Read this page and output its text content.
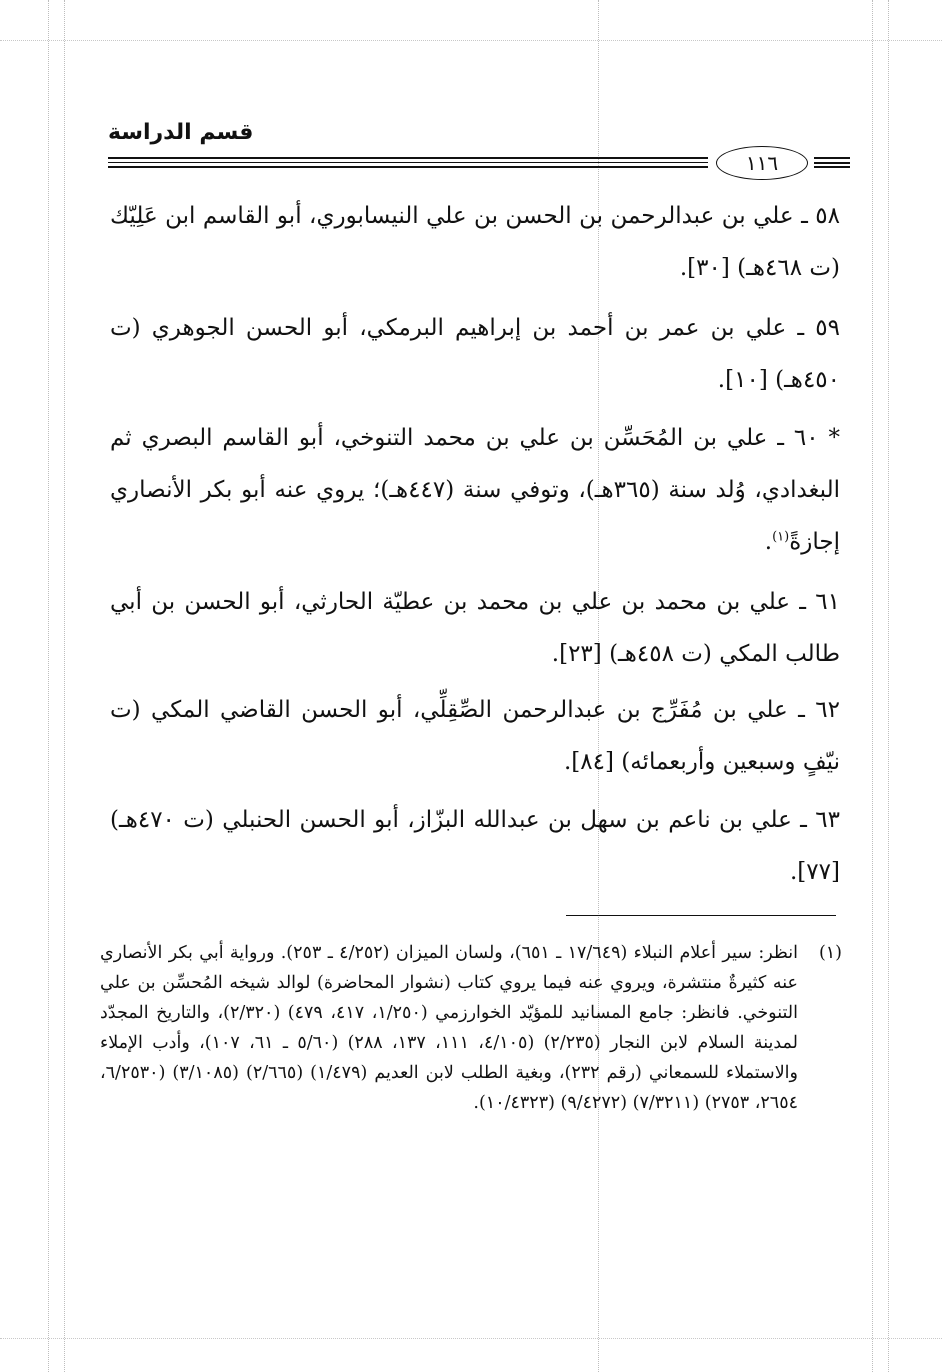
قسم الدراسة
١١٦

٥٨ ـ علي بن عبدالرحمن بن الحسن بن علي النيسابوري، أبو القاسم ابن عَلِيّك (ت ٤٦٨هـ) [٣٠].

٥٩ ـ علي بن عمر بن أحمد بن إبراهيم البرمكي، أبو الحسن الجوهري (ت ٤٥٠هـ) [١٠].

* ٦٠ ـ علي بن المُحَسِّن بن علي بن محمد التنوخي، أبو القاسم البصري ثم البغدادي، وُلد سنة (٣٦٥هـ)، وتوفي سنة (٤٤٧هـ)؛ يروي عنه أبو بكر الأنصاري إجازةً$^{(١)}$.

٦١ ـ علي بن محمد بن علي بن محمد بن عطيّة الحارثي، أبو الحسن بن أبي طالب المكي (ت ٤٥٨هـ) [٢٣].

٦٢ ـ علي بن مُفَرِّج بن عبدالرحمن الصِّقِلِّي، أبو الحسن القاضي المكي (ت نيّفٍ وسبعين وأربعمائه) [٨٤].

٦٣ ـ علي بن ناعم بن سهل بن عبدالله البزّاز، أبو الحسن الحنبلي (ت ٤٧٠هـ) [٧٧].

(١)
انظر: سير أعلام النبلاء (١٧/٦٤٩ ـ ٦٥١)، ولسان الميزان (٤/٢٥٢ ـ ٢٥٣). ورواية أبي بكر الأنصاري عنه كثيرةٌ منتشرة، ويروي عنه فيما يروي كتاب (نشوار المحاضرة) لوالد شيخه المُحسِّن بن علي التنوخي. فانظر: جامع المسانيد للمؤيّد الخوارزمي (١/٢٥٠، ٤١٧، ٤٧٩) (٢/٣٢٠)، والتاريخ المجدّد لمدينة السلام لابن النجار (٢/٢٣٥) (٤/١٠٥، ١١١، ١٣٧، ٢٨٨) (٥/٦٠ ـ ٦١، ١٠٧)، وأدب الإملاء والاستملاء للسمعاني (رقم ٢٣٢)، وبغية الطلب لابن العديم (١/٤٧٩) (٢/٦٦٥) (٣/١٠٨٥) (٦/٢٥٣٠، ٢٦٥٤، ٢٧٥٣) (٧/٣٢١١) (٩/٤٢٧٢) (١٠/٤٣٢٣).
